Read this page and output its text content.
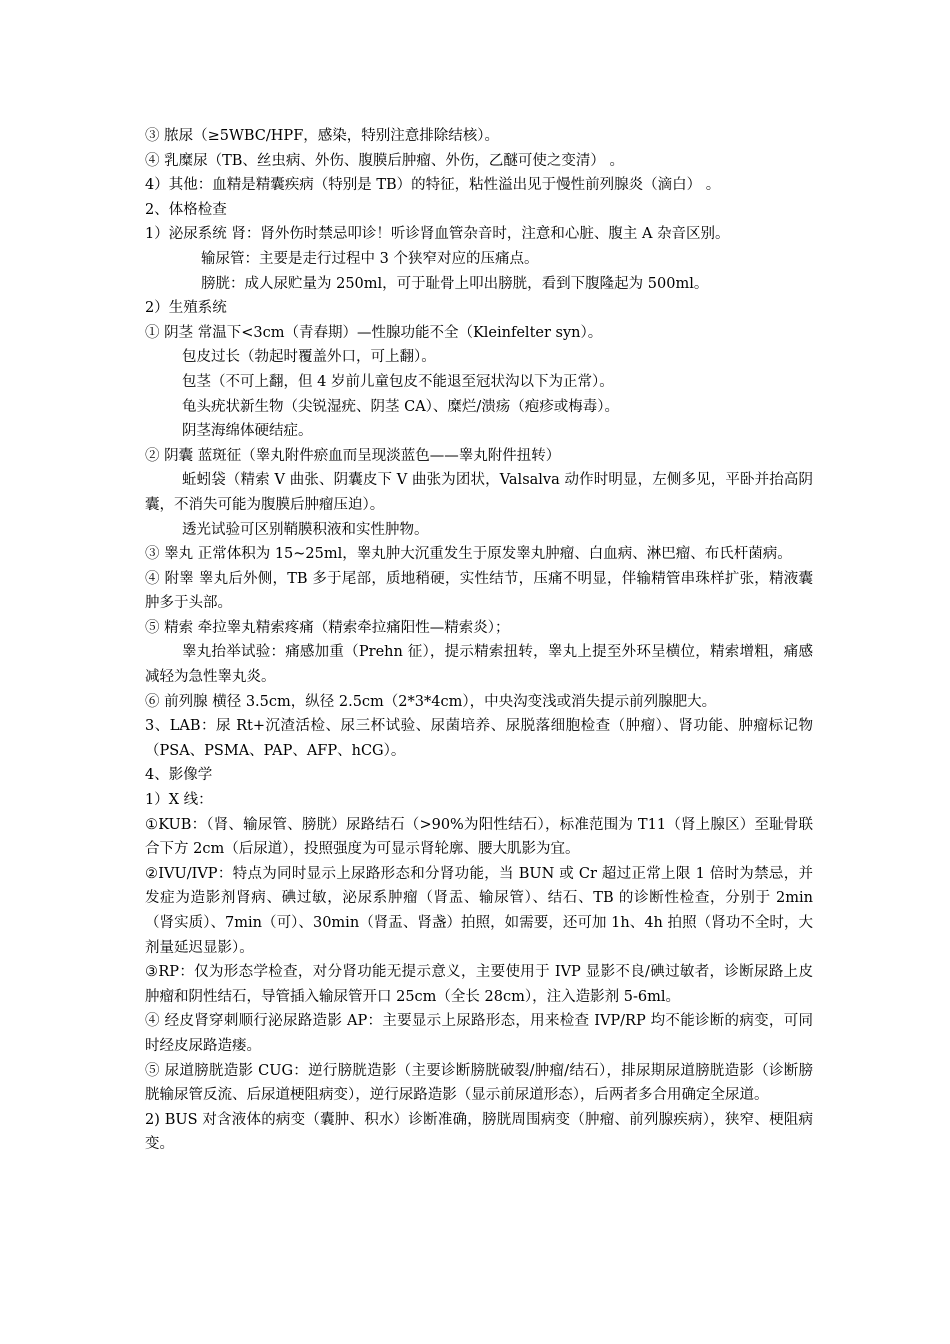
③ 脓尿（≥5WBC/HPF，感染，特别注意排除结核）。
④ 乳糜尿（TB、丝虫病、外伤、腹膜后肿瘤、外伤，乙醚可使之变清） 。
4）其他：血精是精囊疾病（特别是 TB）的特征，粘性溢出见于慢性前列腺炎（滴白） 。
2、体格检查
1）泌尿系统 肾：肾外伤时禁忌叩诊！听诊肾血管杂音时，注意和心脏、腹主 A 杂音区别。
输尿管：主要是走行过程中 3 个狭窄对应的压痛点。
膀胱：成人尿贮量为 250ml，可于耻骨上叩出膀胱，看到下腹隆起为 500ml。
2）生殖系统
① 阴茎 常温下<3cm（青春期）—性腺功能不全（Kleinfelter syn）。
包皮过长（勃起时覆盖外口，可上翻）。
包茎（不可上翻，但 4 岁前儿童包皮不能退至冠状沟以下为正常）。
龟头疣状新生物（尖锐湿疣、阴茎 CA）、糜烂/溃疡（疱疹或梅毒）。
阴茎海绵体硬结症。
② 阴囊 蓝斑征（睾丸附件瘀血而呈现淡蓝色——睾丸附件扭转）
蚯蚓袋（精索 V 曲张、阴囊皮下 V 曲张为团状，Valsalva 动作时明显，左侧多见，平卧并抬高阴囊，不消失可能为腹膜后肿瘤压迫）。
透光试验可区别鞘膜积液和实性肿物。
③ 睾丸 正常体积为 15~25ml，睾丸肿大沉重发生于原发睾丸肿瘤、白血病、淋巴瘤、布氏杆菌病。
④ 附睾 睾丸后外侧，TB 多于尾部，质地稍硬，实性结节，压痛不明显，伴输精管串珠样扩张，精液囊肿多于头部。
⑤ 精索 牵拉睾丸精索疼痛（精索牵拉痛阳性—精索炎）；
睾丸抬举试验：痛感加重（Prehn 征），提示精索扭转，睾丸上提至外环呈横位，精索增粗，痛感减轻为急性睾丸炎。
⑥ 前列腺 横径 3.5cm，纵径 2.5cm（2*3*4cm），中央沟变浅或消失提示前列腺肥大。
3、LAB：尿 Rt+沉渣活检、尿三杯试验、尿菌培养、尿脱落细胞检查（肿瘤）、肾功能、肿瘤标记物（PSA、PSMA、PAP、AFP、hCG）。
4、影像学
1）X 线：
①KUB：（肾、输尿管、膀胱）尿路结石（>90%为阳性结石），标准范围为 T11（肾上腺区）至耻骨联合下方 2cm（后尿道），投照强度为可显示肾轮廓、腰大肌影为宜。
②IVU/IVP：特点为同时显示上尿路形态和分肾功能，当 BUN 或 Cr 超过正常上限 1 倍时为禁忌，并发症为造影剂肾病、碘过敏，泌尿系肿瘤（肾盂、输尿管）、结石、TB 的诊断性检查，分别于 2min（肾实质）、7min（可）、30min（肾盂、肾盏）拍照，如需要，还可加 1h、4h 拍照（肾功不全时，大剂量延迟显影）。
③RP：仅为形态学检查，对分肾功能无提示意义，主要使用于 IVP 显影不良/碘过敏者，诊断尿路上皮肿瘤和阴性结石，导管插入输尿管开口 25cm（全长 28cm），注入造影剂 5-6ml。
④ 经皮肾穿刺顺行泌尿路造影 AP：主要显示上尿路形态，用来检查 IVP/RP 均不能诊断的病变，可同时经皮尿路造瘘。
⑤ 尿道膀胱造影 CUG：逆行膀胱造影（主要诊断膀胱破裂/肿瘤/结石），排尿期尿道膀胱造影（诊断膀胱输尿管反流、后尿道梗阻病变），逆行尿路造影（显示前尿道形态），后两者多合用确定全尿道。
2) BUS 对含液体的病变（囊肿、积水）诊断准确，膀胱周围病变（肿瘤、前列腺疾病），狭窄、梗阻病变。
